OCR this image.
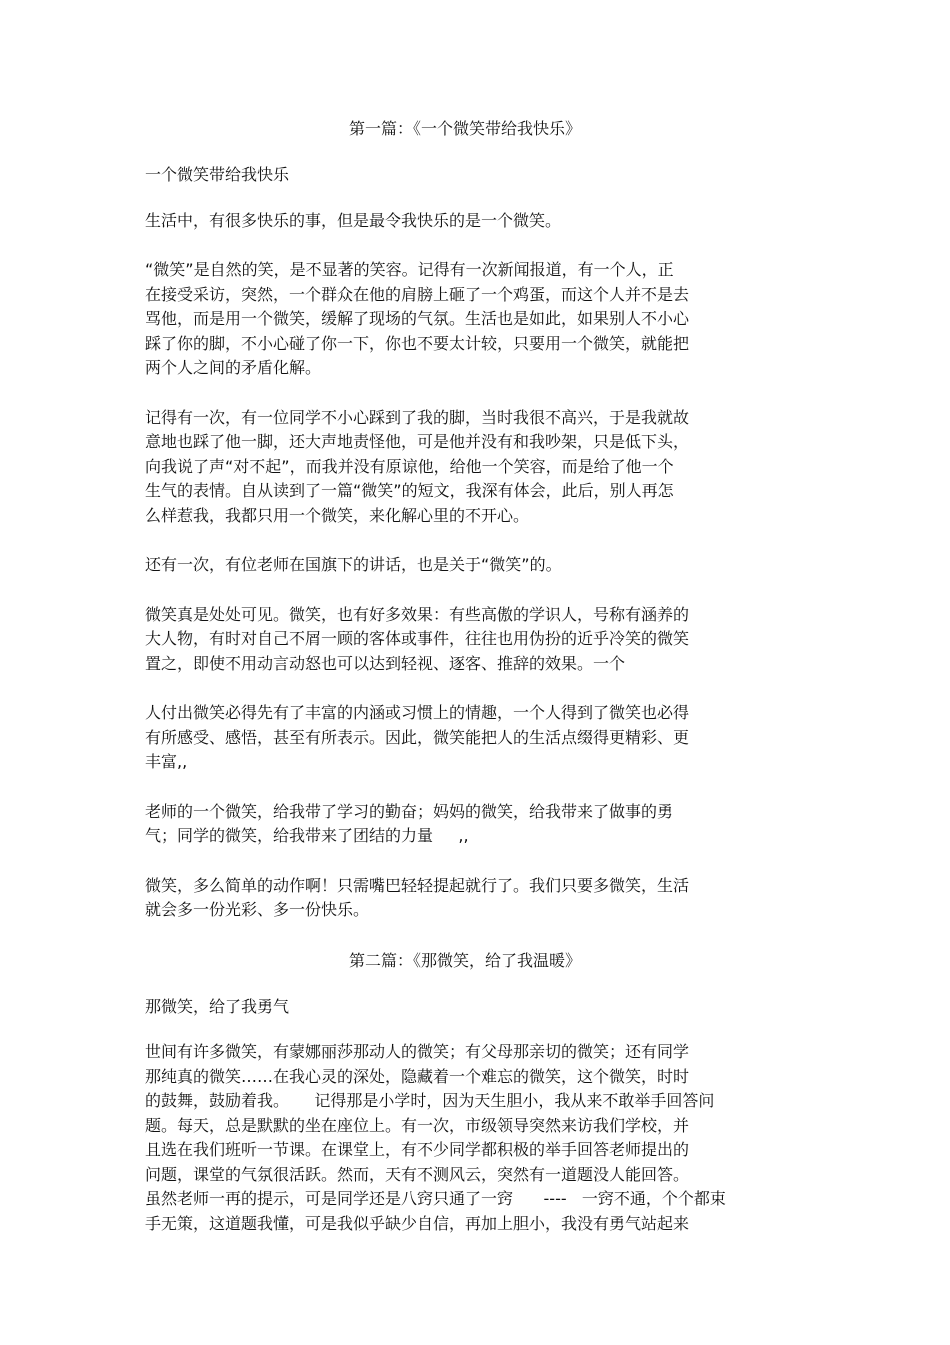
第一篇：《一个微笑带给我快乐》
一个微笑带给我快乐
生活中，有很多快乐的事，但是最令我快乐的是一个微笑。
“微笑”是自然的笑，是不显著的笑容。记得有一次新闻报道，有一个人，正
在接受采访，突然，一个群众在他的肩膀上砸了一个鸡蛋，而这个人并不是去
骂他，而是用一个微笑，缓解了现场的气氛。生活也是如此，如果别人不小心
踩了你的脚，不小心碰了你一下，你也不要太计较，只要用一个微笑，就能把
两个人之间的矛盾化解。
记得有一次，有一位同学不小心踩到了我的脚，当时我很不高兴，于是我就故
意地也踩了他一脚，还大声地责怪他，可是他并没有和我吵架，只是低下头，
向我说了声“对不起”，而我并没有原谅他，给他一个笑容，而是给了他一个
生气的表情。自从读到了一篇“微笑”的短文，我深有体会，此后，别人再怎
么样惹我，我都只用一个微笑，来化解心里的不开心。
还有一次，有位老师在国旗下的讲话，也是关于“微笑”的。
微笑真是处处可见。微笑，也有好多效果：有些高傲的学识人，号称有涵养的
大人物，有时对自己不屑一顾的客体或事件，往往也用伪扮的近乎冷笑的微笑
置之，即使不用动言动怒也可以达到轻视、逐客、推辞的效果。一个
人付出微笑必得先有了丰富的内涵或习惯上的情趣，一个人得到了微笑也必得
有所感受、感悟，甚至有所表示。因此，微笑能把人的生活点缀得更精彩、更
丰富,,
老师的一个微笑，给我带了学习的勤奋；妈妈的微笑，给我带来了做事的勇
气；同学的微笑，给我带来了团结的力量     ,,
微笑，多么简单的动作啊！只需嘴巴轻轻提起就行了。我们只要多微笑，生活
就会多一份光彩、多一份快乐。
第二篇：《那微笑，给了我温暖》
那微笑，给了我勇气
世间有许多微笑，有蒙娜丽莎那动人的微笑；有父母那亲切的微笑；还有同学
那纯真的微笑……在我心灵的深处，隐藏着一个难忘的微笑，这个微笑，时时
的鼓舞，鼓励着我。     记得那是小学时，因为天生胆小，我从来不敢举手回答问
题。每天，总是默默的坐在座位上。有一次，市级领导突然来访我们学校，并
且选在我们班听一节课。在课堂上，有不少同学都积极的举手回答老师提出的
问题，课堂的气氛很活跃。然而，天有不测风云，突然有一道题没人能回答。
虽然老师一再的提示，可是同学还是八窍只通了一窍      ----   一窍不通，个个都束
手无策，这道题我懂，可是我似乎缺少自信，再加上胆小，我没有勇气站起来
